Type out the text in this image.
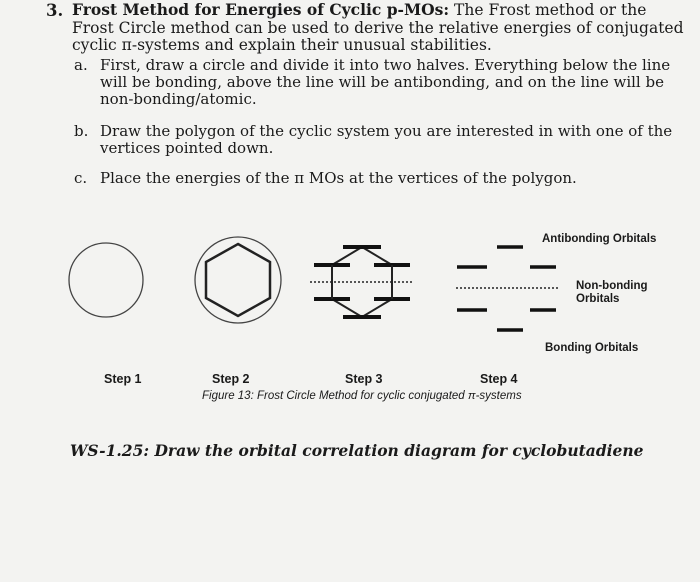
3. Frost Method for Energies of Cyclic p-MOs: The Frost method or the Frost Circle method can be used to derive the relative energies of conjugated cyclic π-systems and explain their unusual stabilities.
a. First, draw a circle and divide it into two halves. Everything below the line will be bonding, above the line will be antibonding, and on the line will be non-bonding/atomic.
b. Draw the polygon of the cyclic system you are interested in with one of the vertices pointed down.
c. Place the energies of the π MOs at the vertices of the polygon.
Antibonding Orbitals
Non-bonding
Orbitals
Bonding Orbitals
Step 1	Step 2	Step 3	Step 4
Figure 13: Frost Circle Method for cyclic conjugated π-systems
WS-1.25: Draw the orbital correlation diagram for cyclobutadiene
